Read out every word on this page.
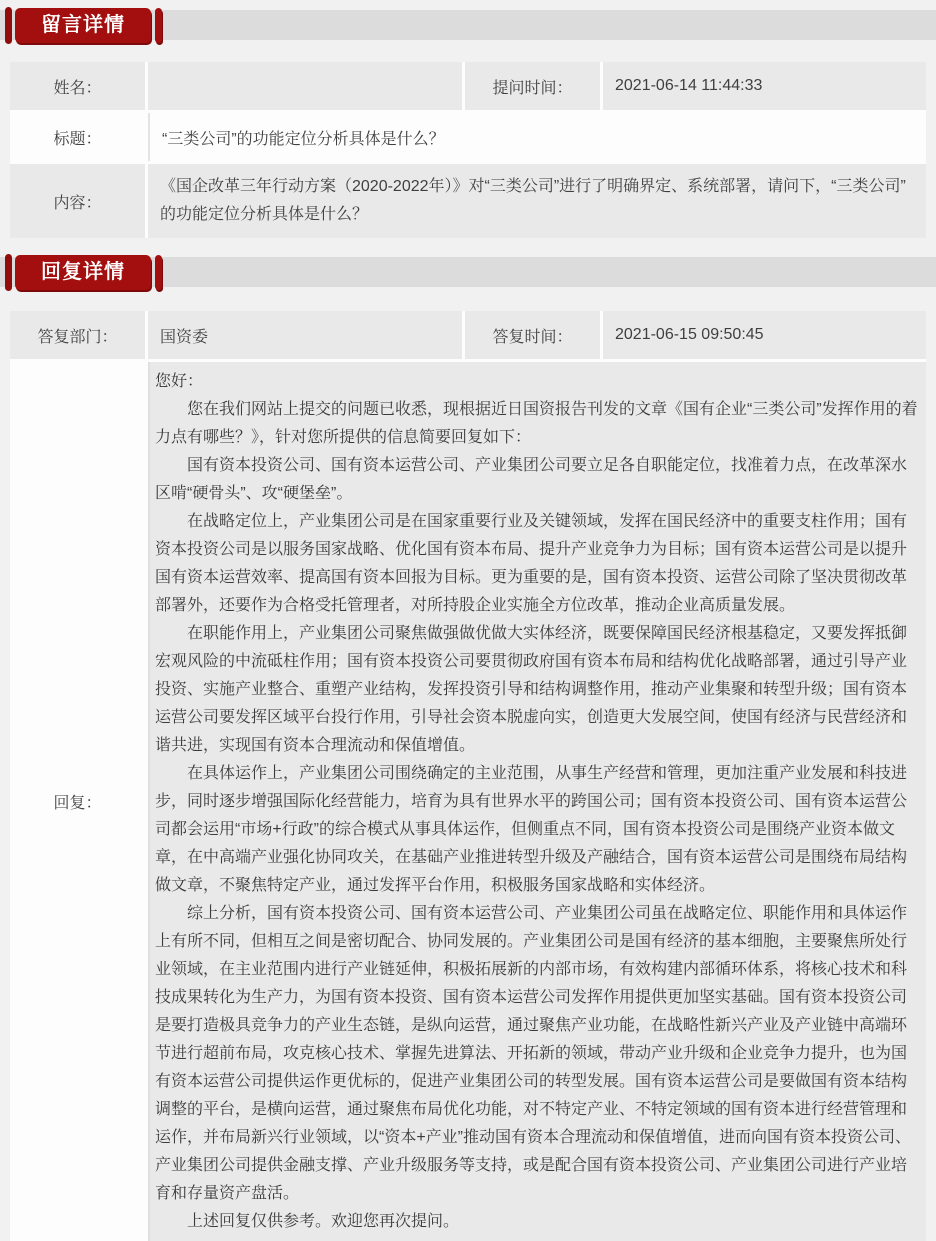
留言详情
姓名：	提问时间：	2021-06-14 11:44:33
标题：	“三类公司”的功能定位分析具体是什么？
内容：
《国企改革三年行动方案（2020-2022年）》对“三类公司”进行了明确界定、系统部署，请问下，“三类公司”的功能定位分析具体是什么？
回复详情
答复部门：	国资委	答复时间：	2021-06-15 09:50:45
回复：

您好：

您在我们网站上提交的问题已收悉，现根据近日国资报告刊发的文章《国有企业“三类公司”发挥作用的着力点有哪些？》，针对您所提供的信息简要回复如下：

国有资本投资公司、国有资本运营公司、产业集团公司要立足各自职能定位，找准着力点，在改革深水区啃“硬骨头”、攻“硬堡垒”。

在战略定位上，产业集团公司是在国家重要行业及关键领域，发挥在国民经济中的重要支柱作用；国有资本投资公司是以服务国家战略、优化国有资本布局、提升产业竞争力为目标；国有资本运营公司是以提升国有资本运营效率、提高国有资本回报为目标。更为重要的是，国有资本投资、运营公司除了坚决贯彻改革部署外，还要作为合格受托管理者，对所持股企业实施全方位改革，推动企业高质量发展。

在职能作用上，产业集团公司聚焦做强做优做大实体经济，既要保障国民经济根基稳定，又要发挥抵御宏观风险的中流砥柱作用；国有资本投资公司要贯彻政府国有资本布局和结构优化战略部署，通过引导产业投资、实施产业整合、重塑产业结构，发挥投资引导和结构调整作用，推动产业集聚和转型升级；国有资本运营公司要发挥区域平台投行作用，引导社会资本脱虚向实，创造更大发展空间，使国有经济与民营经济和谐共进，实现国有资本合理流动和保值增值。

在具体运作上，产业集团公司围绕确定的主业范围，从事生产经营和管理，更加注重产业发展和科技进步，同时逐步增强国际化经营能力，培育为具有世界水平的跨国公司；国有资本投资公司、国有资本运营公司都会运用“市场+行政”的综合模式从事具体运作，但侧重点不同，国有资本投资公司是围绕产业资本做文章，在中高端产业强化协同攻关，在基础产业推进转型升级及产融结合，国有资本运营公司是围绕布局结构做文章，不聚焦特定产业，通过发挥平台作用，积极服务国家战略和实体经济。

综上分析，国有资本投资公司、国有资本运营公司、产业集团公司虽在战略定位、职能作用和具体运作上有所不同，但相互之间是密切配合、协同发展的。产业集团公司是国有经济的基本细胞，主要聚焦所处行业领域，在主业范围内进行产业链延伸，积极拓展新的内部市场，有效构建内部循环体系，将核心技术和科技成果转化为生产力，为国有资本投资、国有资本运营公司发挥作用提供更加坚实基础。国有资本投资公司是要打造极具竞争力的产业生态链，是纵向运营，通过聚焦产业功能，在战略性新兴产业及产业链中高端环节进行超前布局，攻克核心技术、掌握先进算法、开拓新的领域，带动产业升级和企业竞争力提升，也为国有资本运营公司提供运作更优标的，促进产业集团公司的转型发展。国有资本运营公司是要做国有资本结构调整的平台，是横向运营，通过聚焦布局优化功能，对不特定产业、不特定领域的国有资本进行经营管理和运作，并布局新兴行业领域，以“资本+产业”推动国有资本合理流动和保值增值，进而向国有资本投资公司、产业集团公司提供金融支撑、产业升级服务等支持，或是配合国有资本投资公司、产业集团公司进行产业培育和存量资产盘活。

上述回复仅供参考。欢迎您再次提问。
